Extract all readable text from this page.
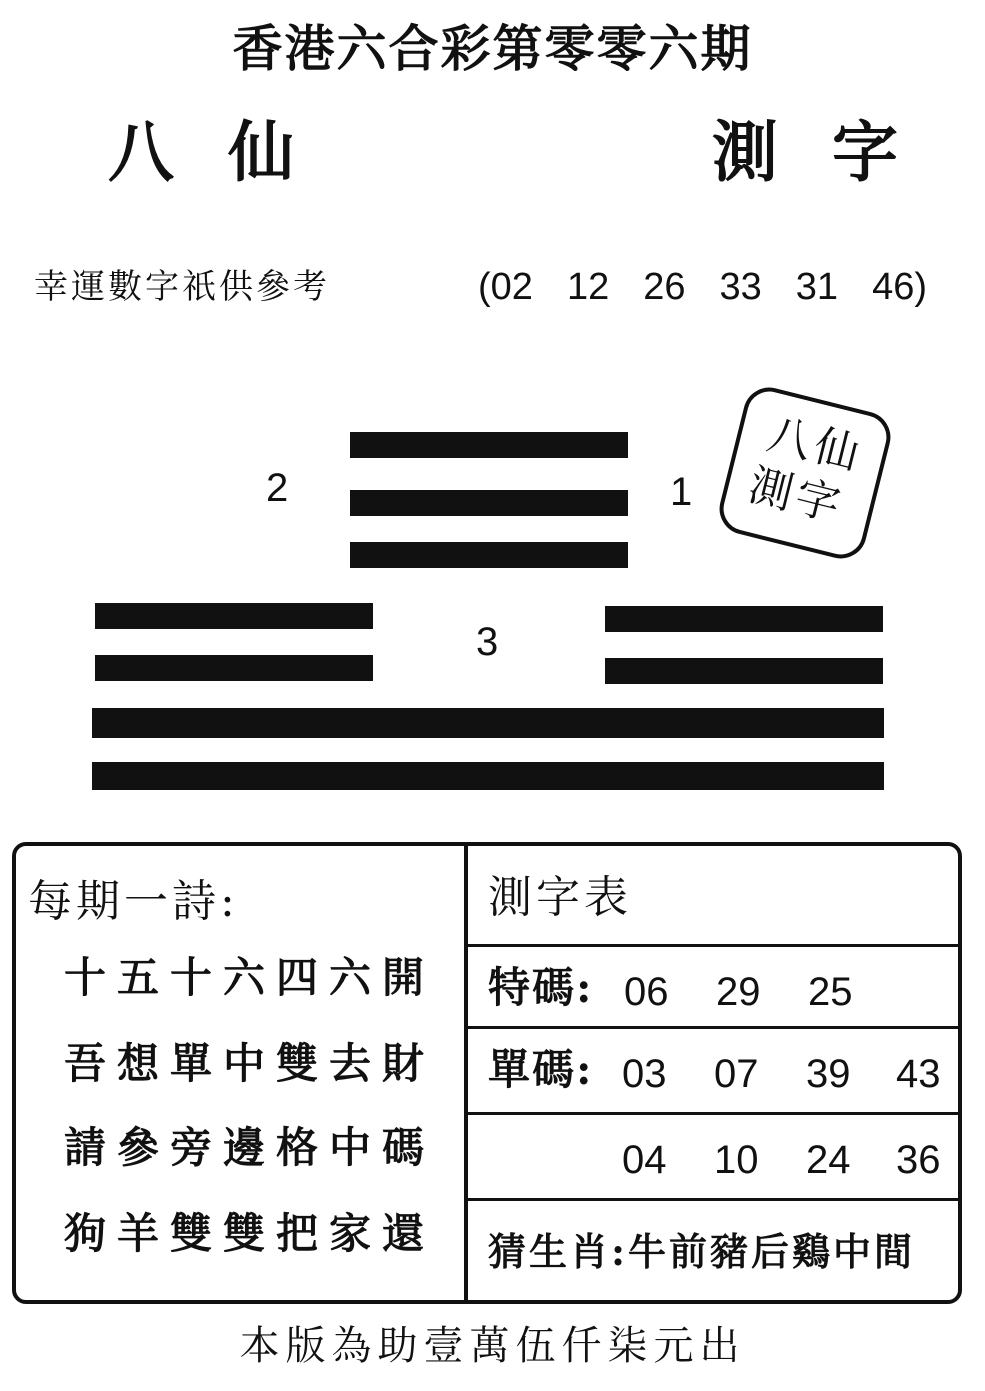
香港六合彩第零零六期
八仙	測字
幸運數字祇供參考	(02 12 26 33 31 46)
2	1
3
八仙
測字
每期一詩:
十五十六四六開
吾想單中雙去財
請參旁邊格中碼
狗羊雙雙把家還
測字表
特碼: 06 29 25
單碼: 03 07 39 43
04 10 24 36
猜生肖:牛前豬后鷄中間
本版為助壹萬伍仟柒元出
